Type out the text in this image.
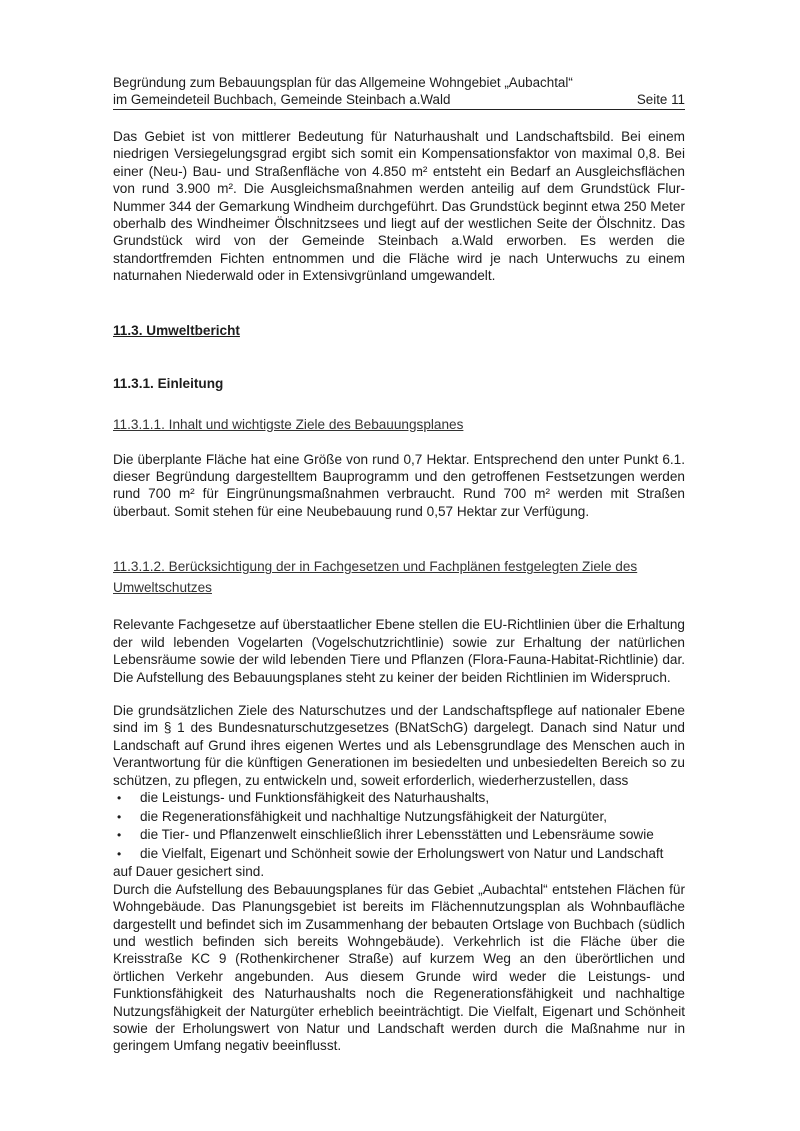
Begründung zum Bebauungsplan für das Allgemeine Wohngebiet „Aubachtal“
im Gemeindeteil Buchbach, Gemeinde Steinbach a.Wald	Seite 11

Das Gebiet ist von mittlerer Bedeutung für Naturhaushalt und Landschaftsbild. Bei einem niedrigen Versiegelungsgrad ergibt sich somit ein Kompensationsfaktor von maximal 0,8. Bei einer (Neu-) Bau- und Straßenfläche von 4.850 m² entsteht ein Bedarf an Ausgleichsflächen von rund 3.900 m². Die Ausgleichsmaßnahmen werden anteilig auf dem Grundstück Flur-Nummer 344 der Gemarkung Windheim durchgeführt. Das Grundstück beginnt etwa 250 Meter oberhalb des Windheimer Ölschnitzsees und liegt auf der westlichen Seite der Ölschnitz. Das Grundstück wird von der Gemeinde Steinbach a.Wald erworben. Es werden die standortfremden Fichten entnommen und die Fläche wird je nach Unterwuchs zu einem naturnahen Niederwald oder in Extensivgrünland umgewandelt.

11.3. Umweltbericht
11.3.1. Einleitung
11.3.1.1. Inhalt und wichtigste Ziele des Bebauungsplanes

Die überplante Fläche hat eine Größe von rund 0,7 Hektar. Entsprechend den unter Punkt 6.1. dieser Begründung dargestelltem Bauprogramm und den getroffenen Festsetzungen werden rund 700 m² für Eingrünungsmaßnahmen verbraucht. Rund 700 m² werden mit Straßen überbaut. Somit stehen für eine Neubebauung rund 0,57 Hektar zur Verfügung.

11.3.1.2. Berücksichtigung der in Fachgesetzen und Fachplänen festgelegten Ziele des Umweltschutzes

Relevante Fachgesetze auf überstaatlicher Ebene stellen die EU-Richtlinien über die Erhaltung der wild lebenden Vogelarten (Vogelschutzrichtlinie) sowie zur Erhaltung der natürlichen Lebensräume sowie der wild lebenden Tiere und Pflanzen (Flora-Fauna-Habitat-Richtlinie) dar. Die Aufstellung des Bebauungsplanes steht zu keiner der beiden Richtlinien im Widerspruch.

Die grundsätzlichen Ziele des Naturschutzes und der Landschaftspflege auf nationaler Ebene sind im § 1 des Bundesnaturschutzgesetzes (BNatSchG) dargelegt. Danach sind Natur und Landschaft auf Grund ihres eigenen Wertes und als Lebensgrundlage des Menschen auch in Verantwortung für die künftigen Generationen im besiedelten und unbesiedelten Bereich so zu schützen, zu pflegen, zu entwickeln und, soweit erforderlich, wiederherzustellen, dass

• die Leistungs- und Funktionsfähigkeit des Naturhaushalts,
• die Regenerationsfähigkeit und nachhaltige Nutzungsfähigkeit der Naturgüter,
• die Tier- und Pflanzenwelt einschließlich ihrer Lebensstätten und Lebensräume sowie
• die Vielfalt, Eigenart und Schönheit sowie der Erholungswert von Natur und Landschaft

auf Dauer gesichert sind.

Durch die Aufstellung des Bebauungsplanes für das Gebiet „Aubachtal“ entstehen Flächen für Wohngebäude. Das Planungsgebiet ist bereits im Flächennutzungsplan als Wohnbaufläche dargestellt und befindet sich im Zusammenhang der bebauten Ortslage von Buchbach (südlich und westlich befinden sich bereits Wohngebäude). Verkehrlich ist die Fläche über die Kreisstraße KC 9 (Rothenkirchener Straße) auf kurzem Weg an den überörtlichen und örtlichen Verkehr angebunden. Aus diesem Grunde wird weder die Leistungs- und Funktionsfähigkeit des Naturhaushalts noch die Regenerationsfähigkeit und nachhaltige Nutzungsfähigkeit der Naturgüter erheblich beeinträchtigt. Die Vielfalt, Eigenart und Schönheit sowie der Erholungswert von Natur und Landschaft werden durch die Maßnahme nur in geringem Umfang negativ beeinflusst.
